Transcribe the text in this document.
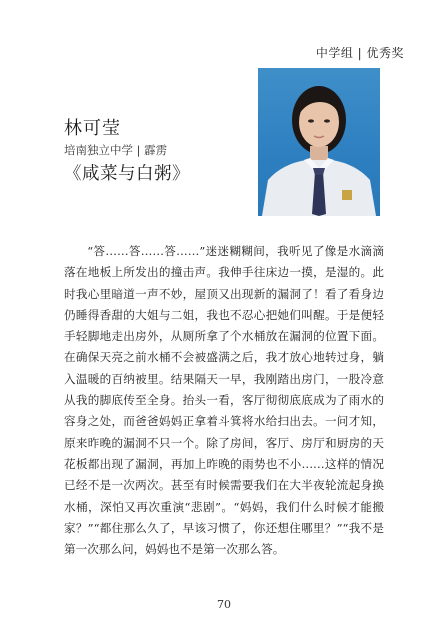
中学组 | 优秀奖
林可莹
培南独立中学 | 霹雳
《咸菜与白粥》

“答……答……答……”迷迷糊糊间，我听见了像是水滴滴落在地板上所发出的撞击声。我伸手往床边一摸，是湿的。此时我心里暗道一声不妙，屋顶又出现新的漏洞了！看了看身边仍睡得香甜的大姐与二姐，我也不忍心把她们叫醒。于是便轻手轻脚地走出房外，从厕所拿了个水桶放在漏洞的位置下面。在确保天亮之前水桶不会被盛满之后，我才放心地转过身，躺入温暖的百纳被里。结果隔天一早，我刚踏出房门，一股冷意从我的脚底传至全身。抬头一看，客厅彻彻底底成为了雨水的容身之处，而爸爸妈妈正拿着斗箕将水给扫出去。一问才知，原来昨晚的漏洞不只一个。除了房间，客厅、房厅和厨房的天花板都出现了漏洞，再加上昨晚的雨势也不小……这样的情况已经不是一次两次。甚至有时候需要我们在大半夜轮流起身换水桶，深怕又再次重演“悲剧”。“妈妈，我们什么时候才能搬家？”“都住那么久了，早该习惯了，你还想住哪里？”“我不是第一次那么问，妈妈也不是第一次那么答。

70
